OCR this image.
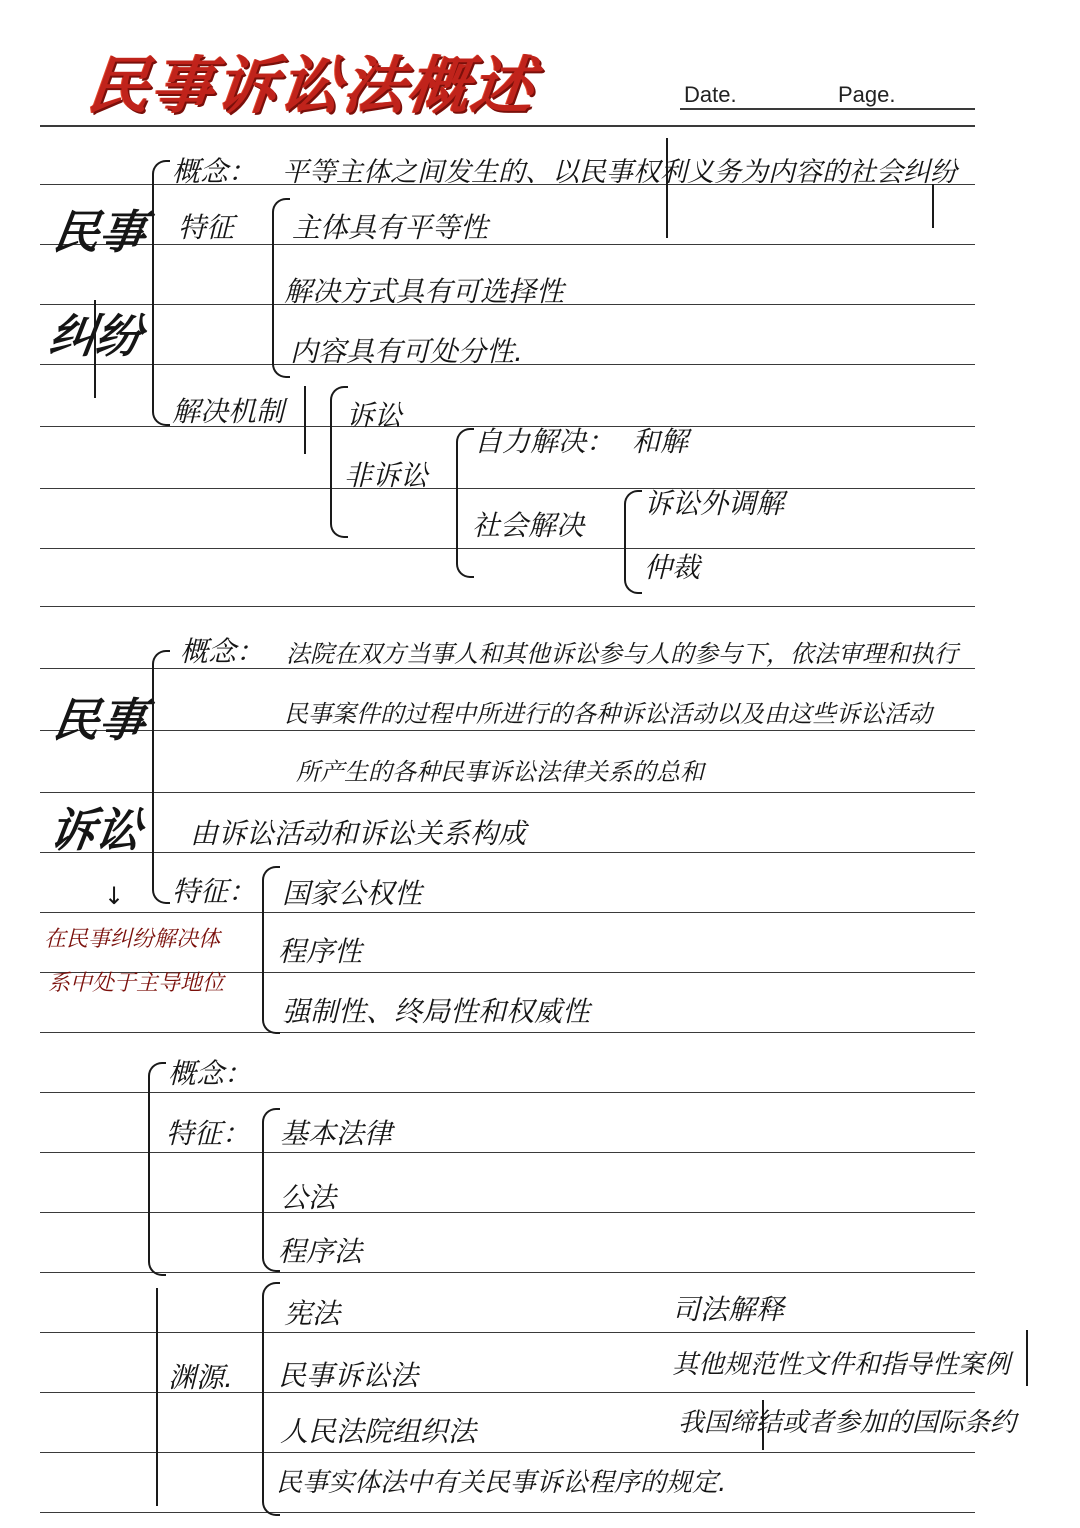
民事诉讼法概述	Date.	Page.
民事
纠纷
概念： 平等主体之间发生的、以民事权利义务为内容的社会纠纷
特征 主体具有平等性
解决方式具有可选择性
内容具有可处分性.
解决机制 诉讼
非诉讼
自力解决： 和解
社会解决
诉讼外调解
仲裁
民事
诉讼
概念： 法院在双方当事人和其他诉讼参与人的参与下，依法审理和执行
民事案件的过程中所进行的各种诉讼活动以及由这些诉讼活动
所产生的各种民事诉讼法律关系的总和
由诉讼活动和诉讼关系构成
↓
在民事纠纷解决体
系中处于主导地位
特征： 国家公权性
程序性
强制性、终局性和权威性
概念：
特征： 基本法律
公法
程序法
渊源.
宪法
民事诉讼法
人民法院组织法
民事实体法中有关民事诉讼程序的规定.
司法解释
其他规范性文件和指导性案例
我国缔结或者参加的国际条约
